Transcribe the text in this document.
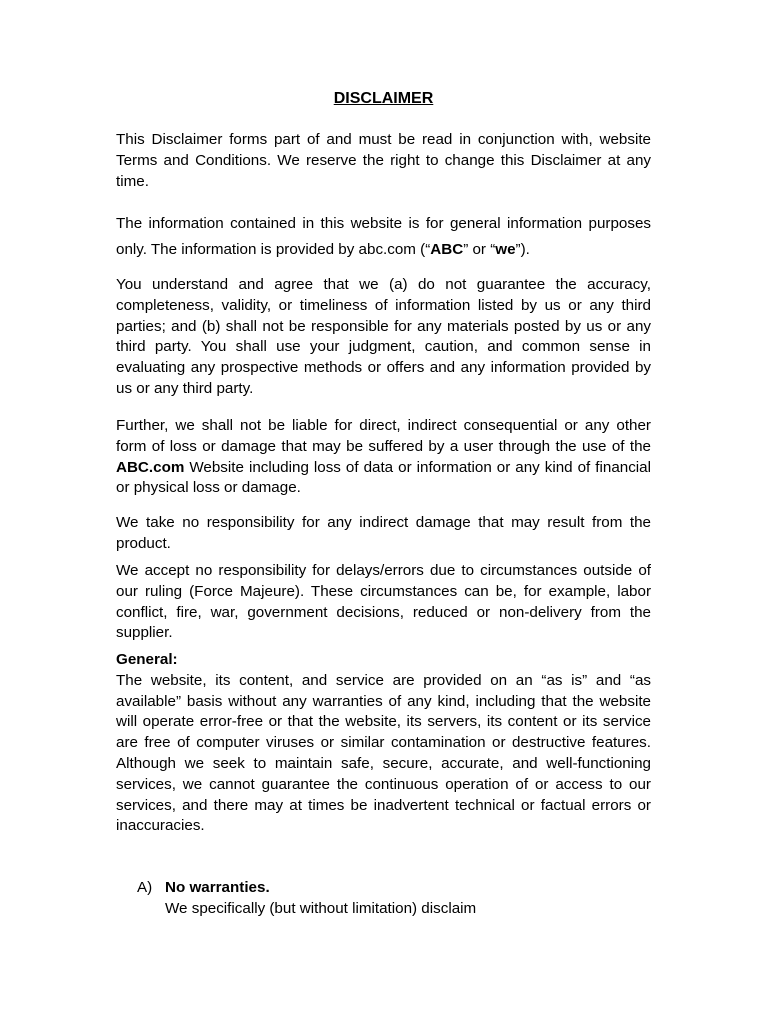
DISCLAIMER

This Disclaimer forms part of and must be read in conjunction with, website Terms and Conditions. We reserve the right to change this Disclaimer at any time.

The information contained in this website is for general information purposes only. The information is provided by abc.com (“ABC” or “we”).

You understand and agree that we (a) do not guarantee the accuracy, completeness, validity, or timeliness of information listed by us or any third parties; and (b) shall not be responsible for any materials posted by us or any third party. You shall use your judgment, caution, and common sense in evaluating any prospective methods or offers and any information provided by us or any third party.

Further, we shall not be liable for direct, indirect consequential or any other form of loss or damage that may be suffered by a user through the use of the ABC.com Website including loss of data or information or any kind of financial or physical loss or damage.

We take no responsibility for any indirect damage that may result from the product.

We accept no responsibility for delays/errors due to circumstances outside of our ruling (Force Majeure). These circumstances can be, for example, labor conflict, fire, war, government decisions, reduced or non-delivery from the supplier.

General:
The website, its content, and service are provided on an “as is” and “as available” basis without any warranties of any kind, including that the website will operate error-free or that the website, its servers, its content or its service are free of computer viruses or similar contamination or destructive features. Although we seek to maintain safe, secure, accurate, and well-functioning services, we cannot guarantee the continuous operation of or access to our services, and there may at times be inadvertent technical or factual errors or inaccuracies.
A) No warranties.
We specifically (but without limitation) disclaim
